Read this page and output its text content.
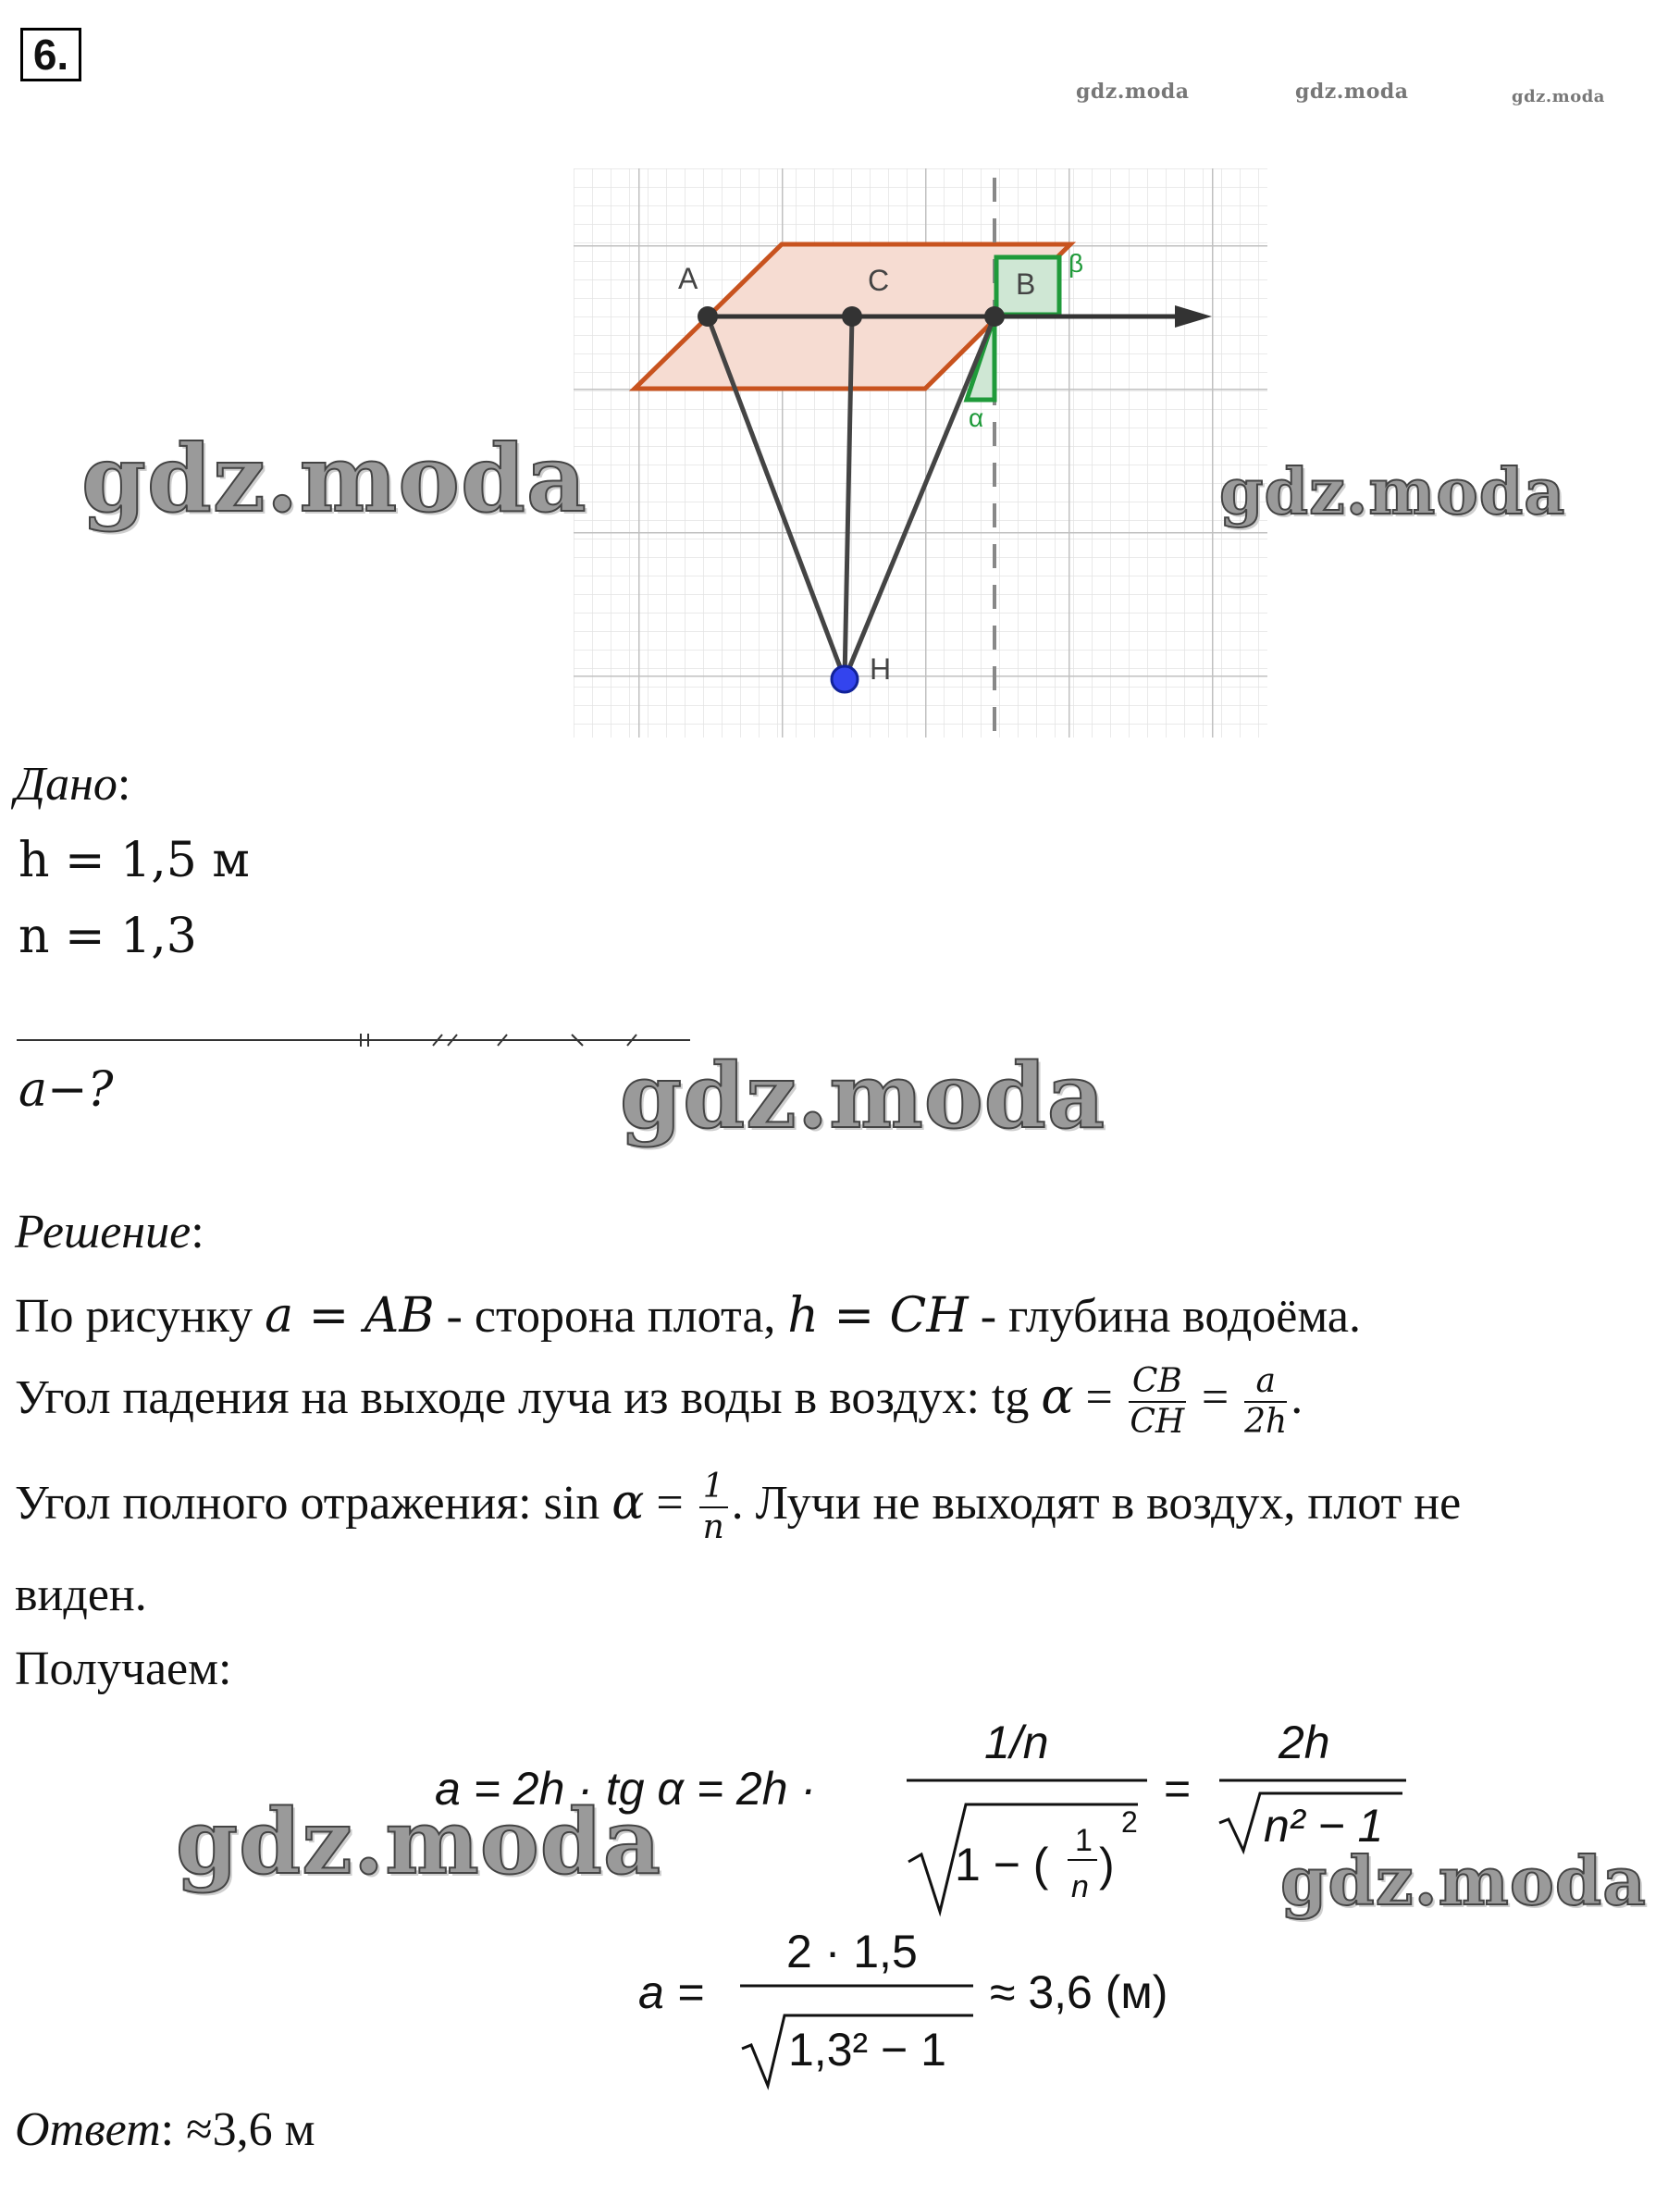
6.
gdz.moda	gdz.moda	gdz.moda
A	C	B
H
α
β
gdz.moda	gdz.moda
gdz.moda
gdz.moda	gdz.moda
Дано:
h = 1,5 м
n = 1,3
a−?
Решение:
По рисунку a = AB - сторона плота, h = CH - глубина водоёма.
Угол падения на выходе луча из воды в воздух: tg $\alpha = \frac{CB}{CH} = \frac{a}{2h}$ .
Угол полного отражения: $\sin \alpha = \frac{1}{n}$ . Лучи не выходят в воздух, плот не
виден.
Получаем:
a = 2h · tg α = 2h ·
1/n
1 − ( 1
n )
2
=
2h
n² − 1
a =
2 · 1,5
1,3² − 1
≈ 3,6 (м)
Ответ: ≈3,6 м
